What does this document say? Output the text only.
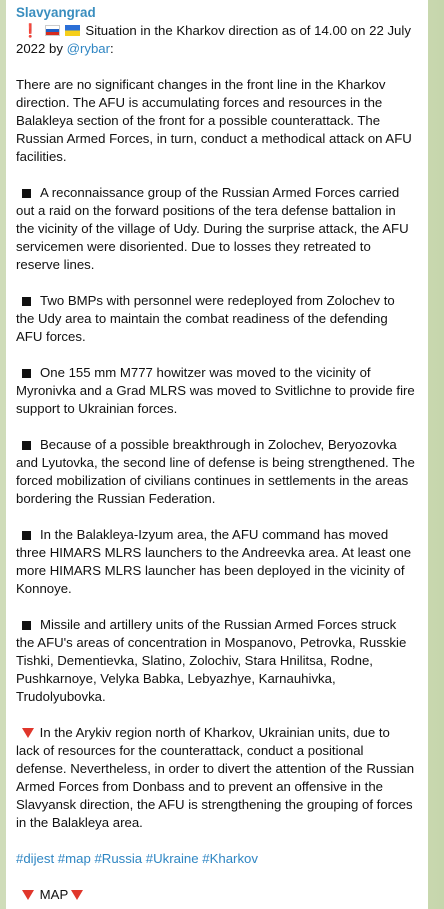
Slavyangrad
❗	Situation in the Kharkov direction as of 14.00 on 22 July 2022 by @rybar:
There are no significant changes in the front line in the Kharkov direction. The AFU is accumulating forces and resources in the Balakleya section of the front for a possible counterattack. The Russian Armed Forces, in turn, conduct a methodical attack on AFU facilities.
A reconnaissance group of the Russian Armed Forces carried out a raid on the forward positions of the tera defense battalion in the vicinity of the village of Udy. During the surprise attack, the AFU servicemen were disoriented. Due to losses they retreated to reserve lines.
Two BMPs with personnel were redeployed from Zolochev to the Udy area to maintain the combat readiness of the defending AFU forces.
One 155 mm M777 howitzer was moved to the vicinity of Myronivka and a Grad MLRS was moved to Svitlichne to provide fire support to Ukrainian forces.
Because of a possible breakthrough in Zolochev, Beryozovka and Lyutovka, the second line of defense is being strengthened. The forced mobilization of civilians continues in settlements in the areas bordering the Russian Federation.
In the Balakleya-Izyum area, the AFU command has moved three HIMARS MLRS launchers to the Andreevka area. At least one more HIMARS MLRS launcher has been deployed in the vicinity of Konnoye.
Missile and artillery units of the Russian Armed Forces struck the AFU's areas of concentration in Mospanovo, Petrovka, Russkie Tishki, Dementievka, Slatino, Zolochiv, Stara Hnilitsa, Rodne, Pushkarnoye, Velyka Babka, Lebyazhye, Karnauhivka, Trudolyubovka.
In the Arykiv region north of Kharkov, Ukrainian units, due to lack of resources for the counterattack, conduct a positional defense. Nevertheless, in order to divert the attention of the Russian Armed Forces from Donbass and to prevent an offensive in the Slavyansk direction, the AFU is strengthening the grouping of forces in the Balakleya area.
#dijest #map #Russia #Ukraine #Kharkov
MAP
